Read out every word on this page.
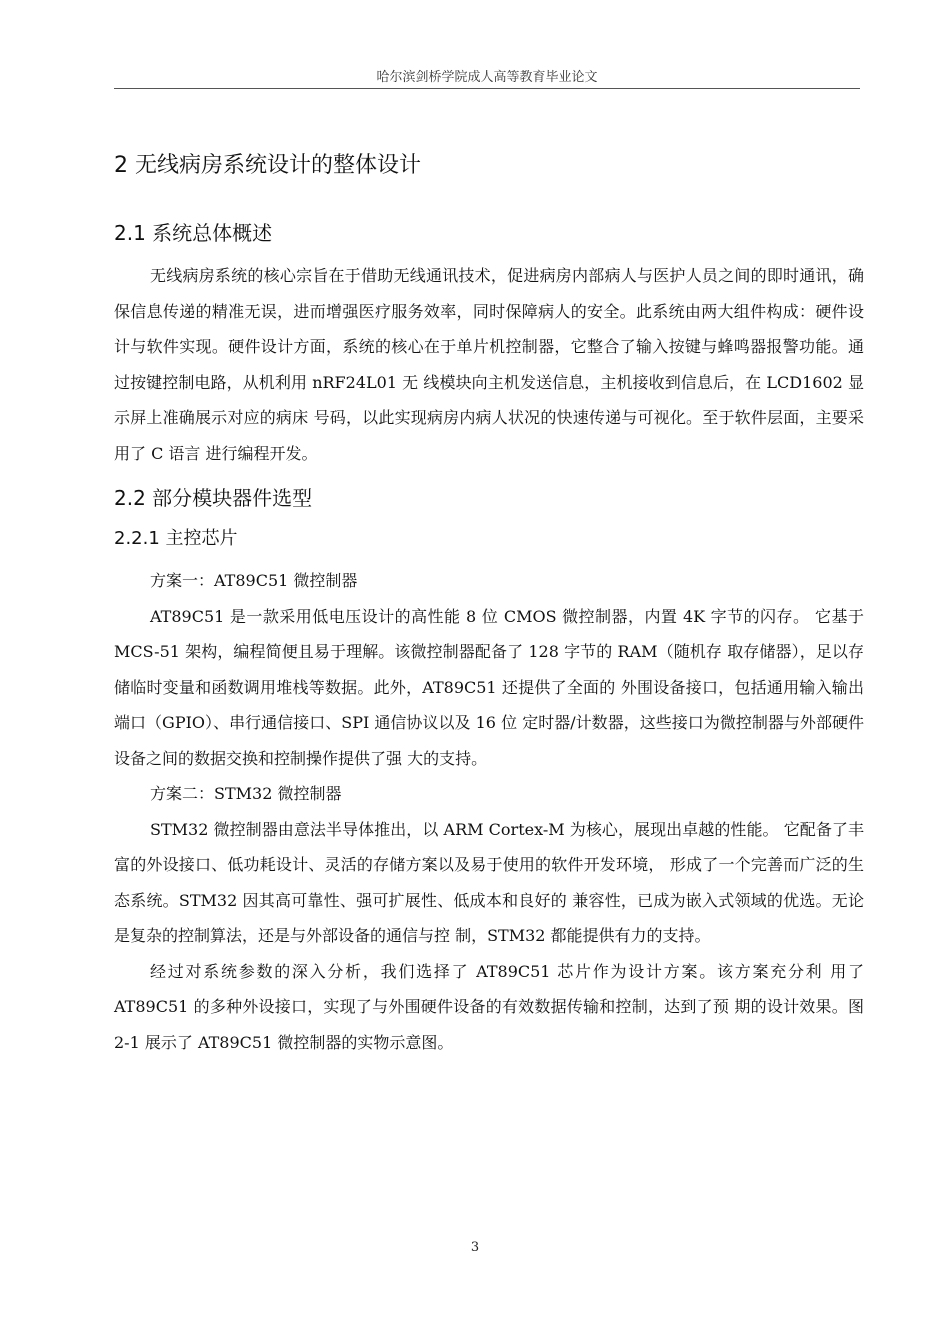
哈尔滨剑桥学院成人高等教育毕业论文
2 无线病房系统设计的整体设计
2.1 系统总体概述

无线病房系统的核心宗旨在于借助无线通讯技术，促进病房内部病人与医护人员之间的即时通讯，确保信息传递的精准无误，进而增强医疗服务效率，同时保障病人的安全。此系统由两大组件构成：硬件设计与软件实现。硬件设计方面，系统的核心在于单片机控制器，它整合了输入按键与蜂鸣器报警功能。通过按键控制电路，从机利用 nRF24L01 无 线模块向主机发送信息，主机接收到信息后，在 LCD1602 显示屏上准确展示对应的病床 号码，以此实现病房内病人状况的快速传递与可视化。至于软件层面，主要采用了 C 语言 进行编程开发。

2.2 部分模块器件选型
2.2.1 主控芯片

方案一：AT89C51 微控制器

AT89C51 是一款采用低电压设计的高性能 8 位 CMOS 微控制器，内置 4K 字节的闪存。 它基于 MCS-51 架构，编程简便且易于理解。该微控制器配备了 128 字节的 RAM（随机存 取存储器），足以存储临时变量和函数调用堆栈等数据。此外，AT89C51 还提供了全面的 外围设备接口，包括通用输入输出端口（GPIO）、串行通信接口、SPI 通信协议以及 16 位 定时器/计数器，这些接口为微控制器与外部硬件设备之间的数据交换和控制操作提供了强 大的支持。

方案二：STM32 微控制器

STM32 微控制器由意法半导体推出，以 ARM Cortex-M 为核心，展现出卓越的性能。 它配备了丰富的外设接口、低功耗设计、灵活的存储方案以及易于使用的软件开发环境， 形成了一个完善而广泛的生态系统。STM32 因其高可靠性、强可扩展性、低成本和良好的 兼容性，已成为嵌入式领域的优选。无论是复杂的控制算法，还是与外部设备的通信与控 制，STM32 都能提供有力的支持。

经过对系统参数的深入分析，我们选择了 AT89C51 芯片作为设计方案。该方案充分利 用了 AT89C51 的多种外设接口，实现了与外围硬件设备的有效数据传输和控制，达到了预 期的设计效果。图 2-1 展示了 AT89C51 微控制器的实物示意图。

3
